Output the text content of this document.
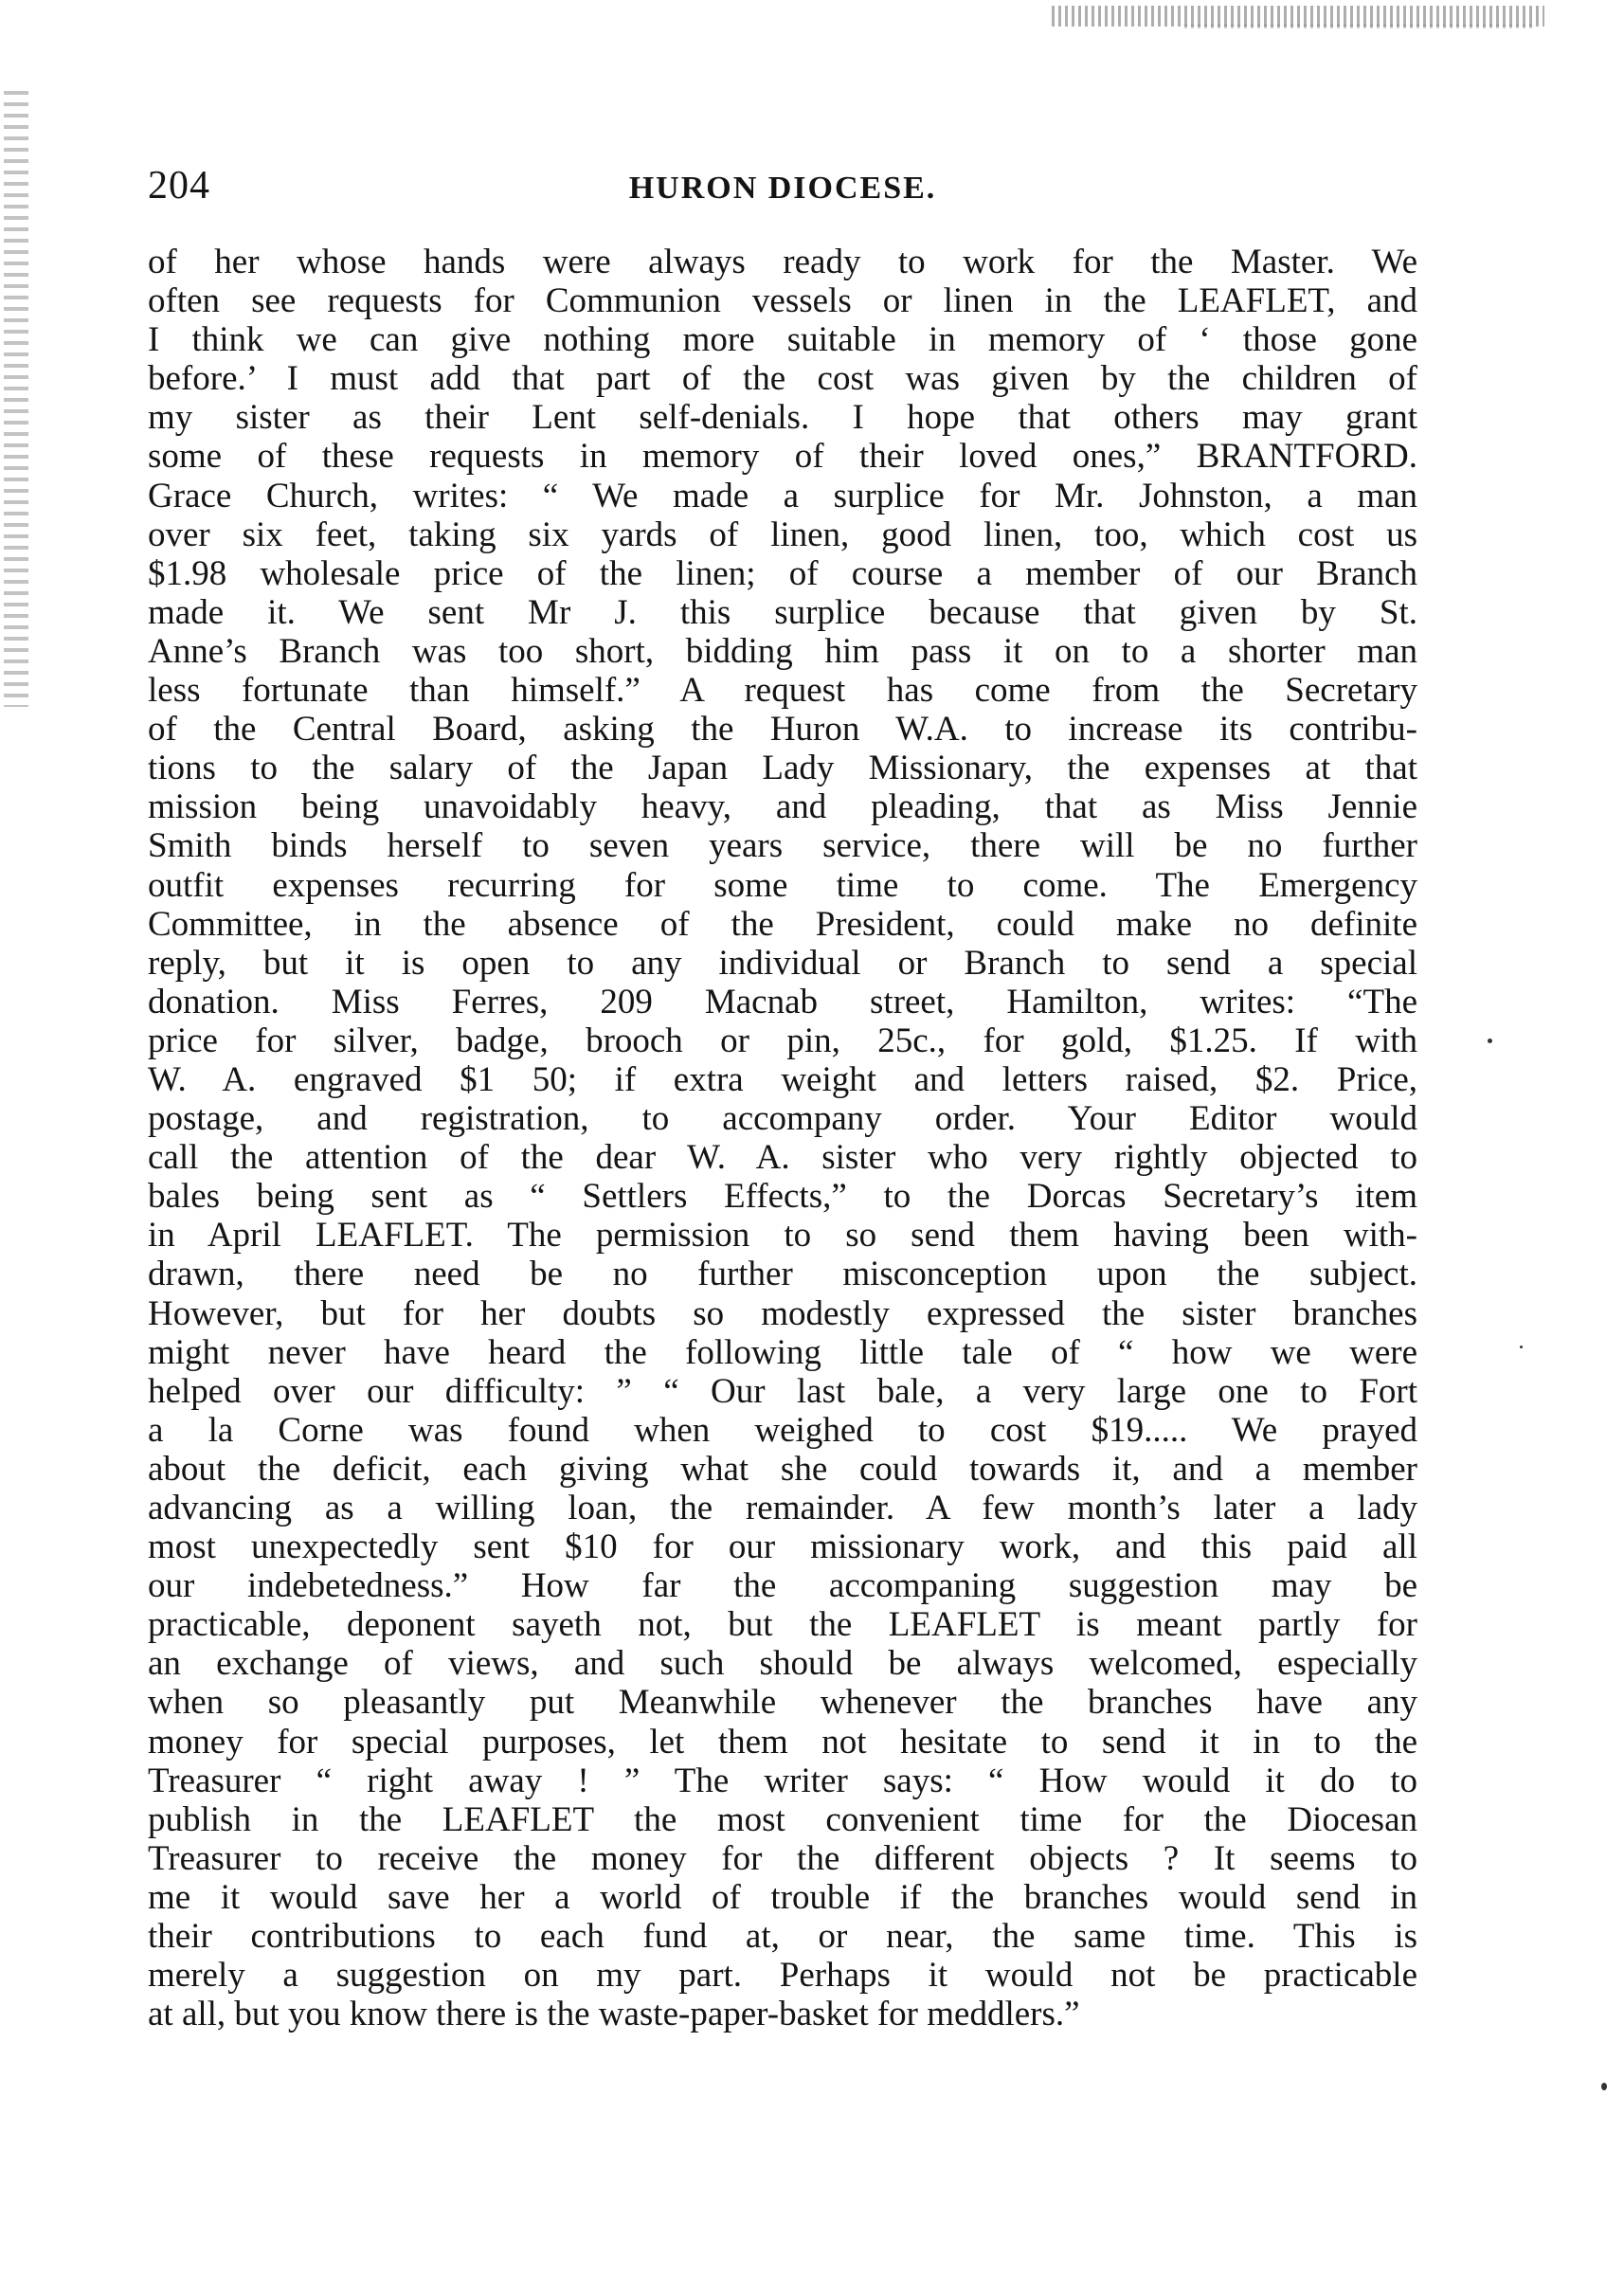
204	HURON DIOCESE.
of her whose hands were always ready to work for the Master. We
often see requests for Communion vessels or linen in the LEAFLET, and
I think we can give nothing more suitable in memory of ‘ those gone
before.’ I must add that part of the cost was given by the children of
my sister as their Lent self-denials. I hope that others may grant
some of these requests in memory of their loved ones,” BRANTFORD.
Grace Church, writes: “ We made a surplice for Mr. Johnston, a man
over six feet, taking six yards of linen, good linen, too, which cost us
$1.98 wholesale price of the linen; of course a member of our Branch
made it. We sent Mr J. this surplice because that given by St.
Anne’s Branch was too short, bidding him pass it on to a shorter man
less fortunate than himself.” A request has come from the Secretary
of the Central Board, asking the Huron W.A. to increase its contribu-
tions to the salary of the Japan Lady Missionary, the expenses at that
mission being unavoidably heavy, and pleading, that as Miss Jennie
Smith binds herself to seven years service, there will be no further
outfit expenses recurring for some time to come. The Emergency
Committee, in the absence of the President, could make no definite
reply, but it is open to any individual or Branch to send a special
donation. Miss Ferres, 209 Macnab street, Hamilton, writes: “The
price for silver, badge, brooch or pin, 25c., for gold, $1.25. If with
W. A. engraved $1 50; if extra weight and letters raised, $2. Price,
postage, and registration, to accompany order. Your Editor would
call the attention of the dear W. A. sister who very rightly objected to
bales being sent as “ Settlers Effects,” to the Dorcas Secretary’s item
in April LEAFLET. The permission to so send them having been with-
drawn, there need be no further misconception upon the subject.
However, but for her doubts so modestly expressed the sister branches
might never have heard the following little tale of “ how we were
helped over our difficulty: ” “ Our last bale, a very large one to Fort
a la Corne was found when weighed to cost $19..... We prayed
about the deficit, each giving what she could towards it, and a member
advancing as a willing loan, the remainder. A few month’s later a lady
most unexpectedly sent $10 for our missionary work, and this paid all
our indebetedness.” How far the accompaning suggestion may be
practicable, deponent sayeth not, but the LEAFLET is meant partly for
an exchange of views, and such should be always welcomed, especially
when so pleasantly put Meanwhile whenever the branches have any
money for special purposes, let them not hesitate to send it in to the
Treasurer “ right away ! ” The writer says: “ How would it do to
publish in the LEAFLET the most convenient time for the Diocesan
Treasurer to receive the money for the different objects ? It seems to
me it would save her a world of trouble if the branches would send in
their contributions to each fund at, or near, the same time. This is
merely a suggestion on my part. Perhaps it would not be practicable
at all, but you know there is the waste-paper-basket for meddlers.”
